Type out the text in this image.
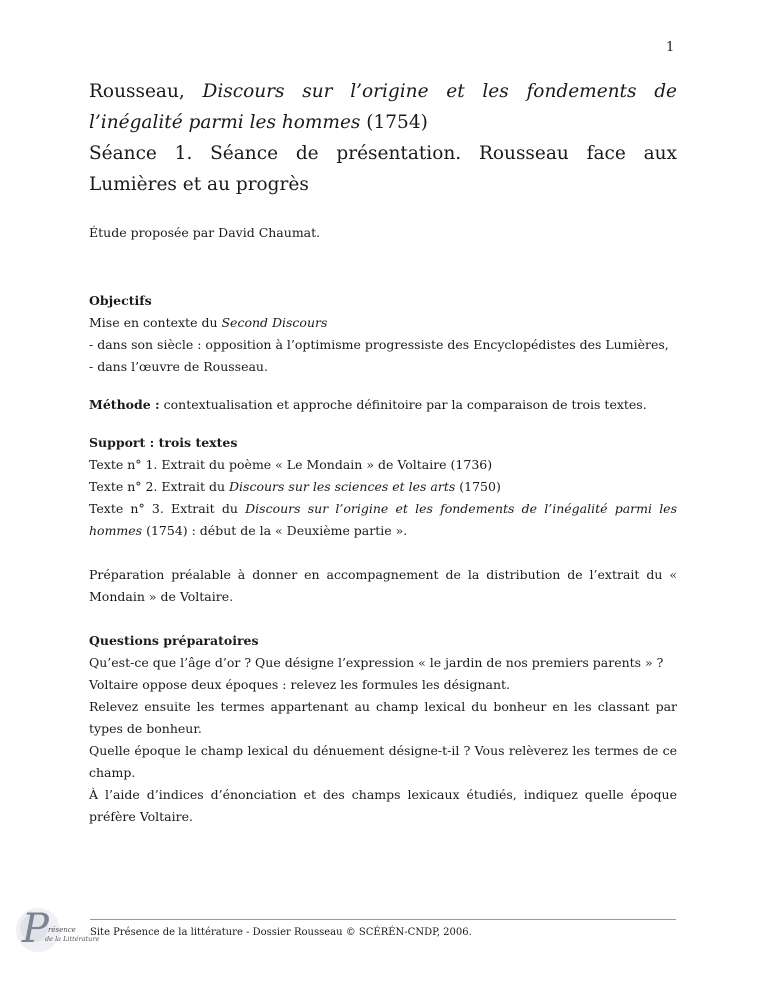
1
Rousseau, Discours sur l’origine et les fondements de l’inégalité parmi les hommes (1754)
Séance 1. Séance de présentation. Rousseau face aux Lumières et au progrès
Étude proposée par David Chaumat.

Objectifs

Mise en contexte du Second Discours

- dans son siècle : opposition à l’optimisme progressiste des Encyclopédistes des Lumières,

- dans l’œuvre de Rousseau.

Méthode : contextualisation et approche définitoire par la comparaison de trois textes.

Support : trois textes

Texte n° 1. Extrait du poème « Le Mondain » de Voltaire (1736)

Texte n° 2. Extrait du Discours sur les sciences et les arts (1750)

Texte n° 3. Extrait du Discours sur l’origine et les fondements de l’inégalité parmi les hommes (1754) : début de la « Deuxième partie ».

Préparation préalable à donner en accompagnement de la distribution de l’extrait du « Mondain » de Voltaire.

Questions préparatoires

Qu’est-ce que l’âge d’or ? Que désigne l’expression « le jardin de nos premiers parents » ?

Voltaire oppose deux époques : relevez les formules les désignant.

Relevez ensuite les termes appartenant au champ lexical du bonheur en les classant par types de bonheur.

Quelle époque le champ lexical du dénuement désigne-t-il ? Vous relèverez les termes de ce champ.

À l’aide d’indices d’énonciation et des champs lexicaux étudiés, indiquez quelle époque préfère Voltaire.

P résence
de la Littérature
Site Présence de la littérature - Dossier Rousseau © SCÉRÉN-CNDP, 2006.
